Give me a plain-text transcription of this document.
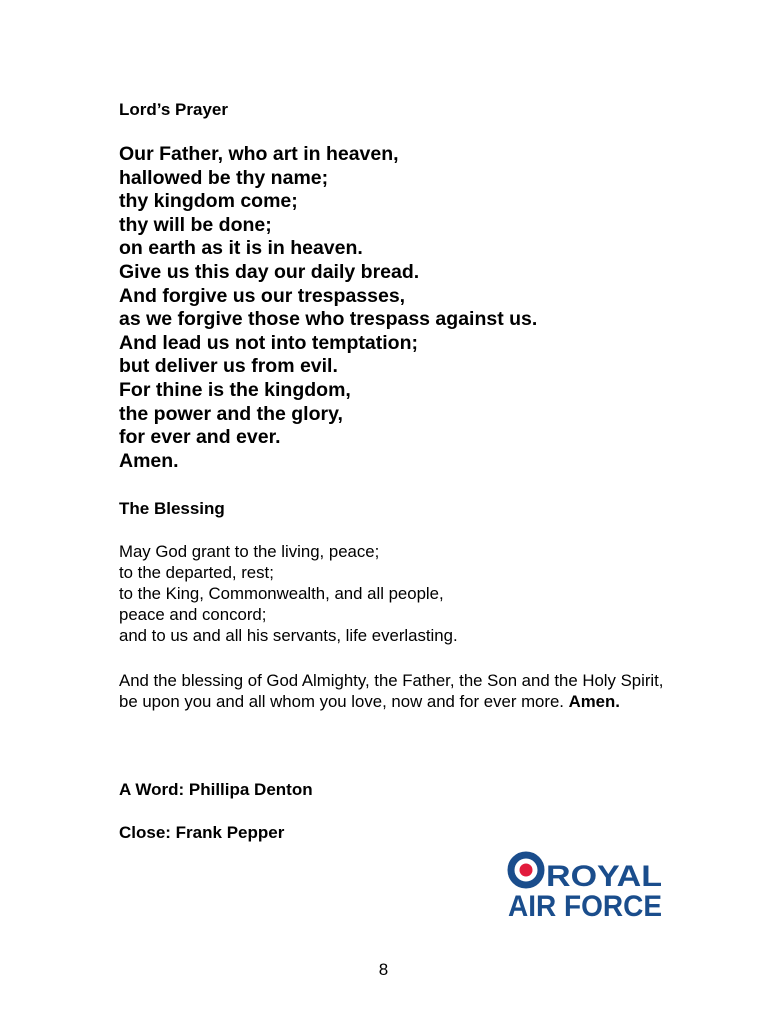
Lord’s Prayer
Our Father, who art in heaven,
hallowed be thy name;
thy kingdom come;
thy will be done;
on earth as it is in heaven.
Give us this day our daily bread.
And forgive us our trespasses,
as we forgive those who trespass against us.
And lead us not into temptation;
but deliver us from evil.
For thine is the kingdom,
the power and the glory,
for ever and ever.
Amen.
The Blessing
May God grant to the living, peace;
to the departed, rest;
to the King, Commonwealth, and all people,
peace and concord;
and to us and all his servants, life everlasting.
And the blessing of God Almighty, the Father, the Son and the Holy Spirit, be upon you and all whom you love, now and for ever more. Amen.
A Word: Phillipa Denton
Close: Frank Pepper
ROYAL
AIR FORCE
8
